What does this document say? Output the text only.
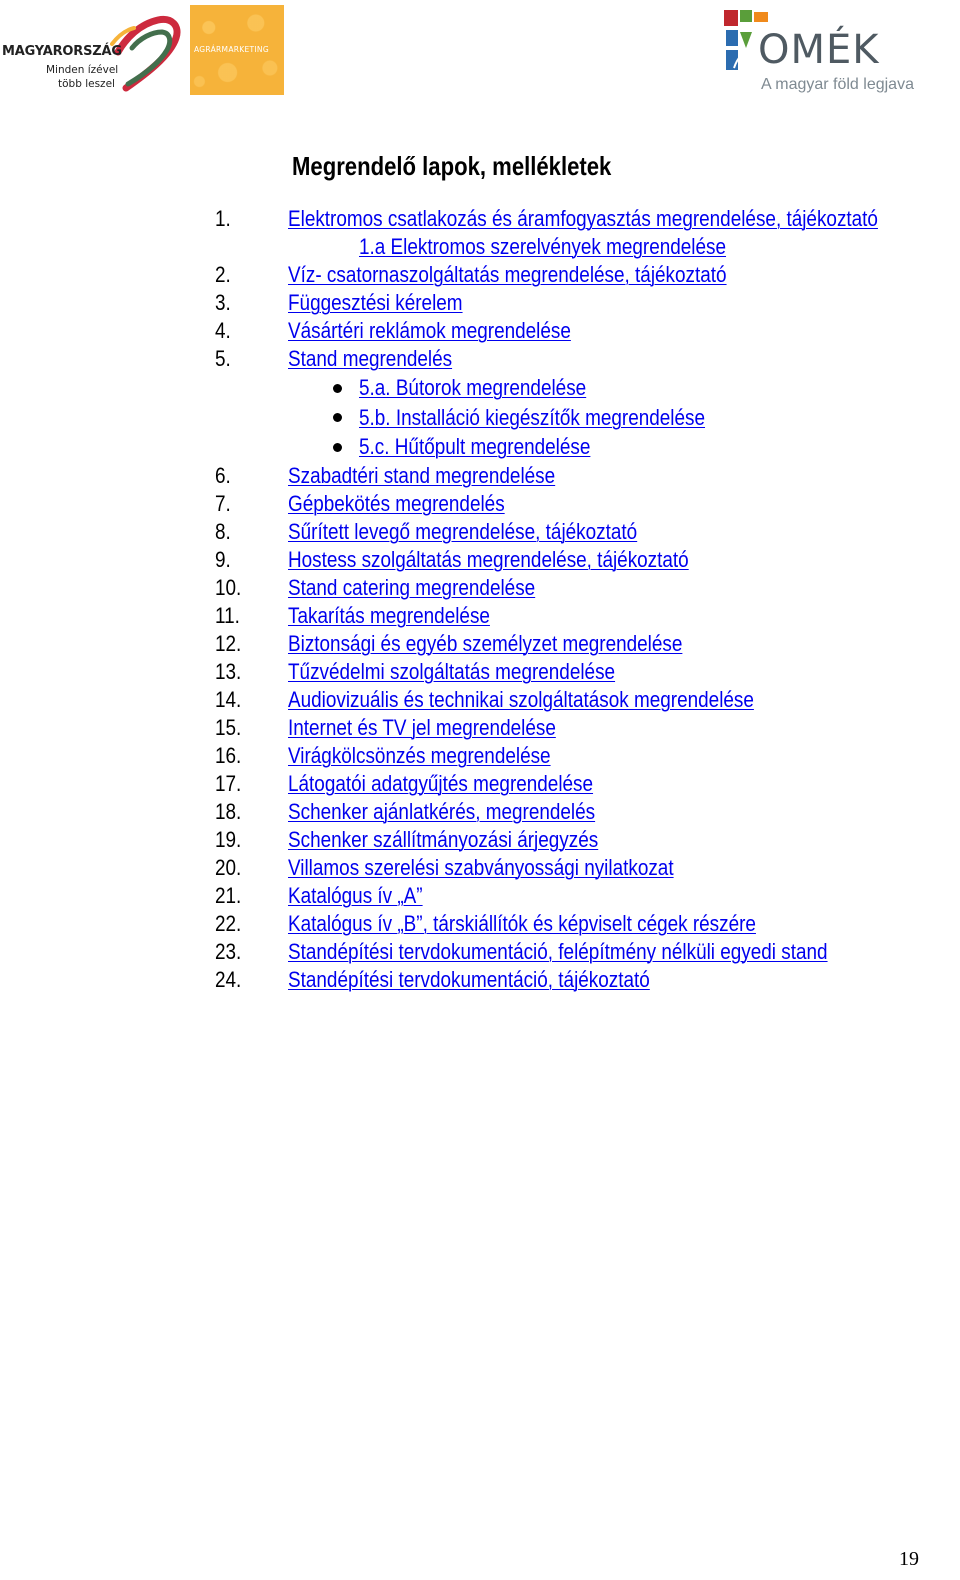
MAGYARORSZÁG
Minden ízével
több leszel
AGRÁRMARKETING	OMÉK
A magyar föld legjava
Megrendelő lapok, mellékletek
1.	Elektromos csatlakozás és áramfogyasztás megrendelése, tájékoztató
1.a Elektromos szerelvények megrendelése
2.	Víz- csatornaszolgáltatás megrendelése, tájékoztató
3.	Függesztési kérelem
4.	Vásártéri reklámok megrendelése
5.	Stand megrendelés
5.a. Bútorok megrendelése
5.b. Installáció kiegészítők megrendelése
5.c. Hűtőpult megrendelése
6.	Szabadtéri stand megrendelése
7.	Gépbekötés megrendelés
8.	Sűrített levegő megrendelése, tájékoztató
9.	Hostess szolgáltatás megrendelése, tájékoztató
10. Stand catering megrendelése
11. Takarítás megrendelése
12. Biztonsági és egyéb személyzet megrendelése
13. Tűzvédelmi szolgáltatás megrendelése
14. Audiovizuális és technikai szolgáltatások megrendelése
15. Internet és TV jel megrendelése
16. Virágkölcsönzés megrendelése
17. Látogatói adatgyűjtés megrendelése
18. Schenker ajánlatkérés, megrendelés
19. Schenker szállítmányozási árjegyzés
20. Villamos szerelési szabványossági nyilatkozat
21. Katalógus ív „A”
22. Katalógus ív „B”, társkiállítók és képviselt cégek részére
23. Standépítési tervdokumentáció, felépítmény nélküli egyedi stand
24. Standépítési tervdokumentáció, tájékoztató
19
